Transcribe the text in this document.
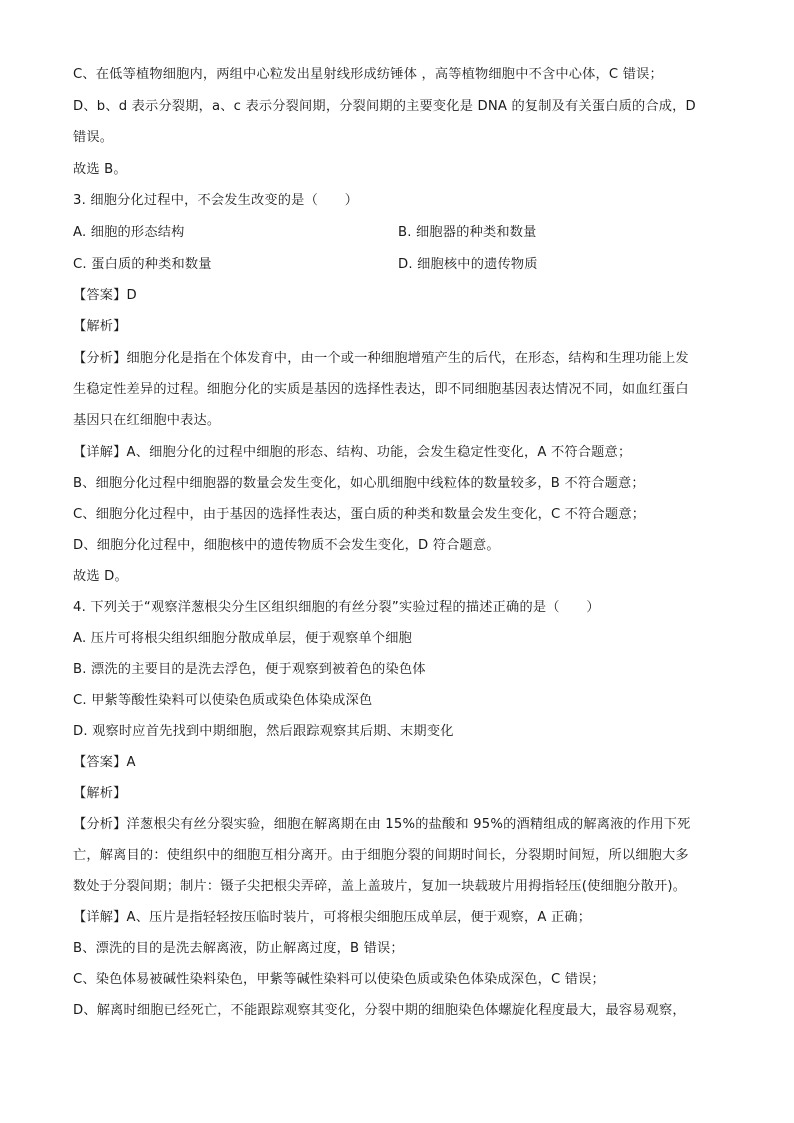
C、在低等植物细胞内，两组中心粒发出星射线形成纺锤体 ，高等植物细胞中不含中心体，C 错误；
D、b、d 表示分裂期，a、c 表示分裂间期，分裂间期的主要变化是 DNA 的复制及有关蛋白质的合成，D
错误。
故选 B。
3. 细胞分化过程中，不会发生改变的是（　　）
A. 细胞的形态结构	B. 细胞器的种类和数量
C. 蛋白质的种类和数量	D. 细胞核中的遗传物质
【答案】D
【解析】
【分析】细胞分化是指在个体发育中，由一个或一种细胞增殖产生的后代，在形态，结构和生理功能上发
生稳定性差异的过程。细胞分化的实质是基因的选择性表达，即不同细胞基因表达情况不同，如血红蛋白
基因只在红细胞中表达。
【详解】A、细胞分化的过程中细胞的形态、结构、功能，会发生稳定性变化，A 不符合题意；
B、细胞分化过程中细胞器的数量会发生变化，如心肌细胞中线粒体的数量较多，B 不符合题意；
C、细胞分化过程中，由于基因的选择性表达，蛋白质的种类和数量会发生变化，C 不符合题意；
D、细胞分化过程中，细胞核中的遗传物质不会发生变化，D 符合题意。
故选 D。
4. 下列关于“观察洋葱根尖分生区组织细胞的有丝分裂”实验过程的描述正确的是（　　）
A. 压片可将根尖组织细胞分散成单层，便于观察单个细胞
B. 漂洗的主要目的是洗去浮色，便于观察到被着色的染色体
C. 甲紫等酸性染料可以使染色质或染色体染成深色
D. 观察时应首先找到中期细胞，然后跟踪观察其后期、末期变化
【答案】A
【解析】
【分析】洋葱根尖有丝分裂实验，细胞在解离期在由 15%的盐酸和 95%的酒精组成的解离液的作用下死
亡，解离目的：使组织中的细胞互相分离开。由于细胞分裂的间期时间长，分裂期时间短，所以细胞大多
数处于分裂间期；制片：镊子尖把根尖弄碎，盖上盖玻片，复加一块载玻片用拇指轻压(使细胞分散开)。
【详解】A、压片是指轻轻按压临时装片，可将根尖细胞压成单层，便于观察，A 正确；
B、漂洗的目的是洗去解离液，防止解离过度，B 错误；
C、染色体易被碱性染料染色，甲紫等碱性染料可以使染色质或染色体染成深色，C 错误；
D、解离时细胞已经死亡，不能跟踪观察其变化，分裂中期的细胞染色体螺旋化程度最大，最容易观察，
